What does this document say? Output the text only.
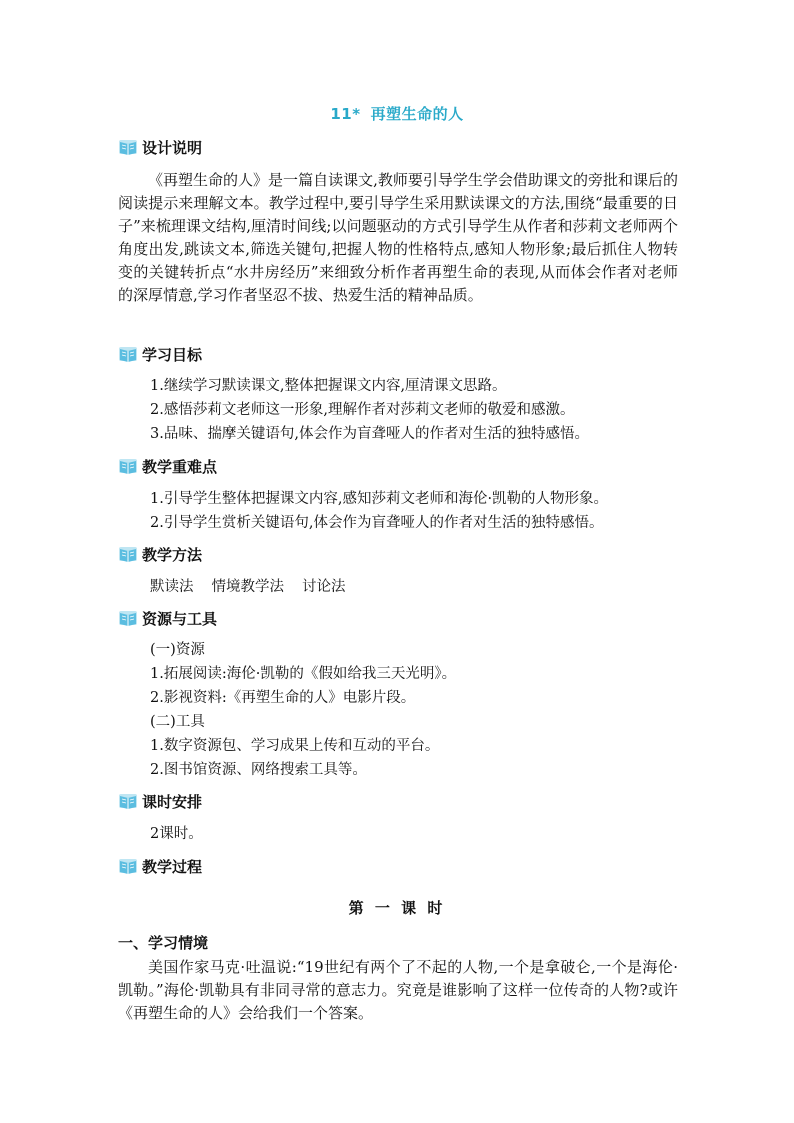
11* 再塑生命的人
设计说明

《再塑生命的人》是一篇自读课文,教师要引导学生学会借助课文的旁批和课后的阅读提示来理解文本。教学过程中,要引导学生采用默读课文的方法,围绕“最重要的日子”来梳理课文结构,厘清时间线;以问题驱动的方式引导学生从作者和莎莉文老师两个角度出发,跳读文本,筛选关键句,把握人物的性格特点,感知人物形象;最后抓住人物转变的关键转折点“水井房经历”来细致分析作者再塑生命的表现,从而体会作者对老师的深厚情意,学习作者坚忍不拔、热爱生活的精神品质。

学习目标
1.继续学习默读课文,整体把握课文内容,厘清课文思路。
2.感悟莎莉文老师这一形象,理解作者对莎莉文老师的敬爱和感激。
3.品味、揣摩关键语句,体会作为盲聋哑人的作者对生活的独特感悟。
教学重难点
1.引导学生整体把握课文内容,感知莎莉文老师和海伦·凯勒的人物形象。
2.引导学生赏析关键语句,体会作为盲聋哑人的作者对生活的独特感悟。
教学方法
默读法 情境教学法 讨论法
资源与工具
(一)资源
1.拓展阅读:海伦·凯勒的《假如给我三天光明》。
2.影视资料:《再塑生命的人》电影片段。
(二)工具
1.数字资源包、学习成果上传和互动的平台。
2.图书馆资源、网络搜索工具等。
课时安排
2课时。
教学过程
第 一 课 时
一、学习情境

美国作家马克·吐温说:“19世纪有两个了不起的人物,一个是拿破仑,一个是海伦·凯勒。”海伦·凯勒具有非同寻常的意志力。究竟是谁影响了这样一位传奇的人物?或许《再塑生命的人》会给我们一个答案。
